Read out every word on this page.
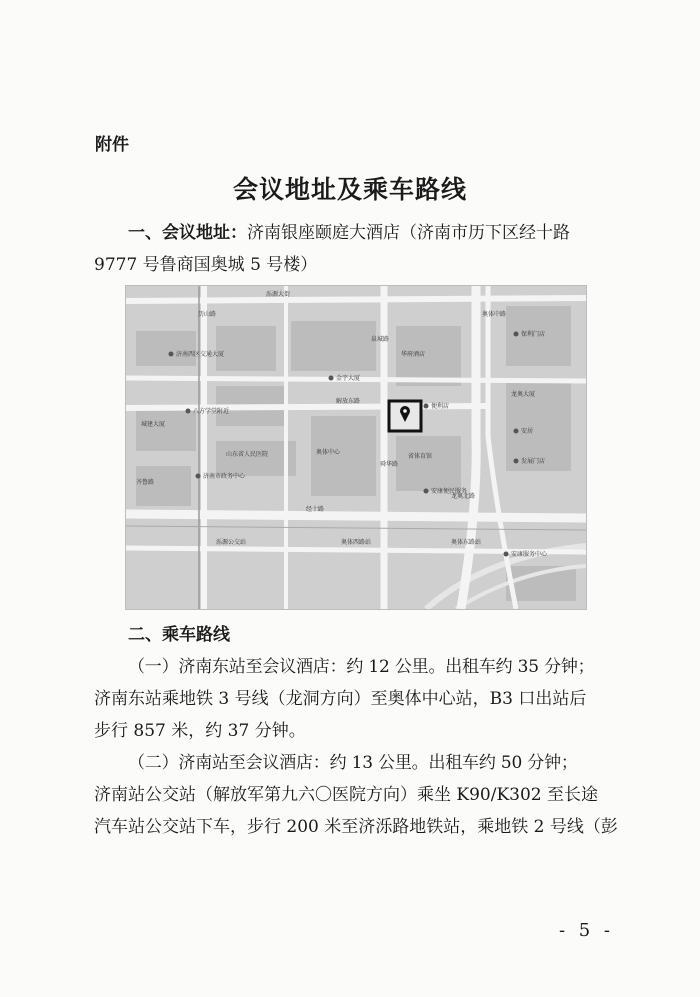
附件
会议地址及乘车路线
一、会议地址：济南银座颐庭大酒店（济南市历下区经十路
9777 号鲁商国奥城 5 号楼）
泺源大街
泉城路
解放东路
经十路
历山路	奥体中路
龙奥北路
舜华路
齐鲁路
济南西区交通大厦
金宇大厦
八方学堂附近
山东省人民医院	奥体中心
省体育馆
便利店
保利门店
龙奥大厦
安居
发展门店
安康便民服务
华府酒店
城建大厦
济南市政务中心
泺源公交站	奥体西路站	奥体东路站
安康服务中心
二、乘车路线
（一）济南东站至会议酒店：约 12 公里。出租车约 35 分钟；
济南东站乘地铁 3 号线（龙洞方向）至奥体中心站，B3 口出站后
步行 857 米，约 37 分钟。
（二）济南站至会议酒店：约 13 公里。出租车约 50 分钟；
济南站公交站（解放军第九六〇医院方向）乘坐 K90/K302 至长途
汽车站公交站下车，步行 200 米至济泺路地铁站，乘地铁 2 号线（彭
- 5 -
